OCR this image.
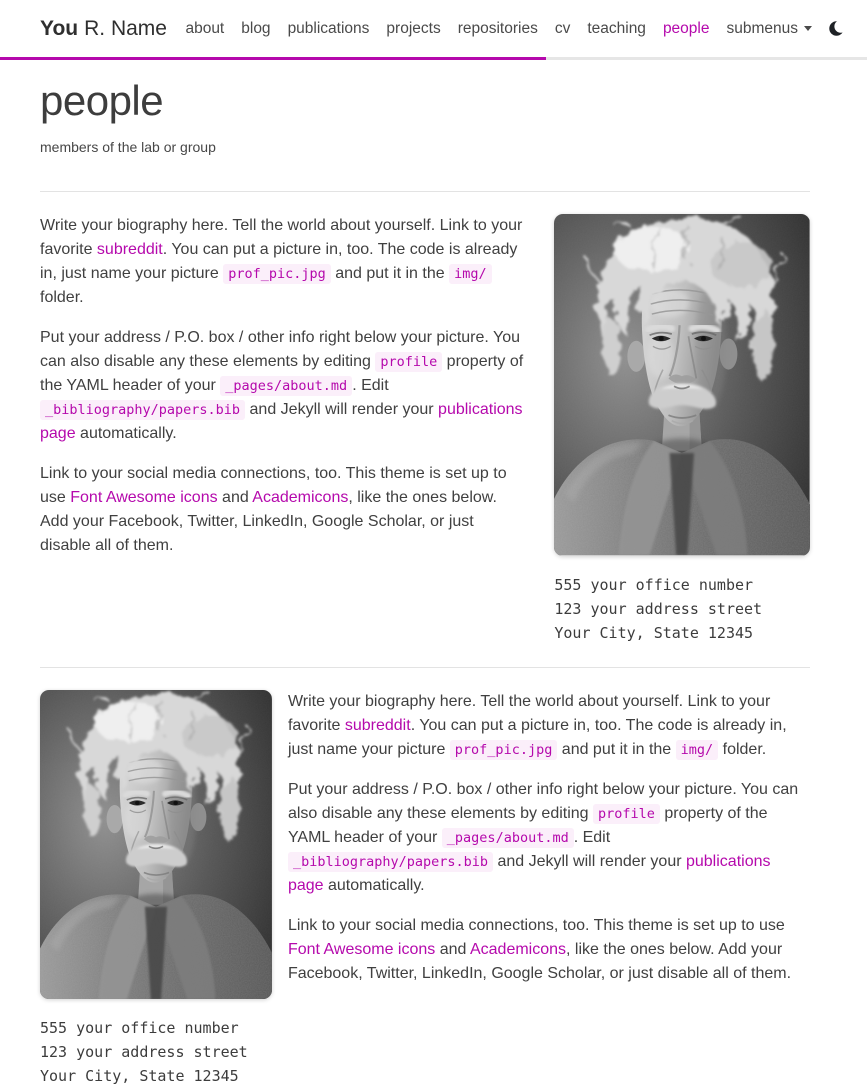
You R. Name about blog publications projects repositories cv teaching people submenus
people

members of the lab or group

Write your biography here. Tell the world about yourself. Link to your favorite subreddit. You can put a picture in, too. The code is already in, just name your picture prof_pic.jpg and put it in the img/ folder.

Put your address / P.O. box / other info right below your picture. You can also disable any these elements by editing profile property of the YAML header of your _pages/about.md . Edit _bibliography/papers.bib and Jekyll will render your publications page automatically.

Link to your social media connections, too. This theme is set up to use Font Awesome icons and Academicons, like the ones below. Add your Facebook, Twitter, LinkedIn, Google Scholar, or just disable all of them.

555 your office number

123 your address street

Your City, State 12345

555 your office number

123 your address street

Your City, State 12345

Write your biography here. Tell the world about yourself. Link to your favorite subreddit. You can put a picture in, too. The code is already in, just name your picture prof_pic.jpg and put it in the img/ folder.

Put your address / P.O. box / other info right below your picture. You can also disable any these elements by editing profile property of the YAML header of your _pages/about.md . Edit _bibliography/papers.bib and Jekyll will render your publications page automatically.

Link to your social media connections, too. This theme is set up to use Font Awesome icons and Academicons, like the ones below. Add your Facebook, Twitter, LinkedIn, Google Scholar, or just disable all of them.
